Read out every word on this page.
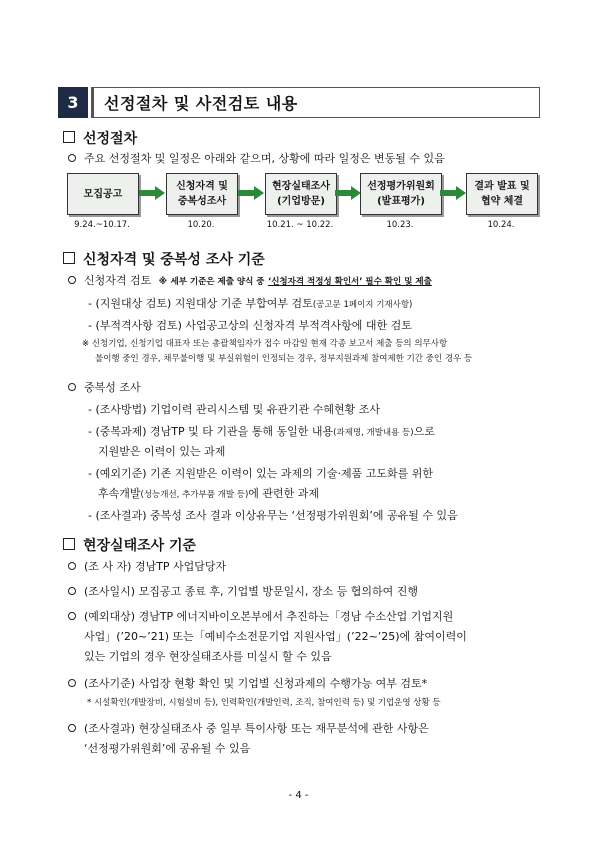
3	선정절차 및 사전검토 내용
선정절차
주요 선정절차 및 일정은 아래와 같으며, 상황에 따라 일정은 변동될 수 있음
모집공고
신청자격 및
중복성조사
현장실태조사
(기업방문)
선정평가위원회
(발표평가)
결과 발표 및
협약 체결
9.24.~10.17.	10.20.	10.21. ~ 10.22.	10.23.	10.24.
신청자격 및 중복성 조사 기준
신청자격 검토 ※ 세부 기준은 제출 양식 중 ‘신청자격 적정성 확인서’ 필수 확인 및 제출
- (지원대상 검토) 지원대상 기준 부합여부 검토(공고문 1페이지 기재사항)
- (부적격사항 검토) 사업공고상의 신청자격 부적격사항에 대한 검토
※ 신청기업, 신청기업 대표자 또는 총괄책임자가 접수 마감일 현재 각종 보고서 제출 등의 의무사항
불이행 중인 경우, 채무불이행 및 부실위험이 인정되는 경우, 정부지원과제 참여제한 기간 중인 경우 등
중복성 조사
- (조사방법) 기업이력 관리시스템 및 유관기관 수혜현황 조사
- (중복과제) 경남TP 및 타 기관을 통해 동일한 내용(과제명, 개발내용 등)으로
지원받은 이력이 있는 과제
- (예외기준) 기존 지원받은 이력이 있는 과제의 기술·제품 고도화를 위한
후속개발(성능개선, 추가부품 개발 등)에 관련한 과제
- (조사결과) 중복성 조사 결과 이상유무는 ‘선정평가위원회’에 공유될 수 있음
현장실태조사 기준
(조 사 자) 경남TP 사업담당자
(조사일시) 모집공고 종료 후, 기업별 방문일시, 장소 등 협의하여 진행
(예외대상) 경남TP 에너지바이오본부에서 추진하는「경남 수소산업 기업지원
사업」(’20~’21) 또는「예비수소전문기업 지원사업」(’22~’25)에 참여이력이
있는 기업의 경우 현장실태조사를 미실시 할 수 있음
(조사기준) 사업장 현황 확인 및 기업별 신청과제의 수행가능 여부 검토*
* 시설확인(개발장비, 시험설비 등), 인력확인(개발인력, 조직, 참여인력 등) 및 기업운영 상황 등
(조사결과) 현장실태조사 중 일부 특이사항 또는 재무분석에 관한 사항은
‘선정평가위원회’에 공유될 수 있음
- 4 -
